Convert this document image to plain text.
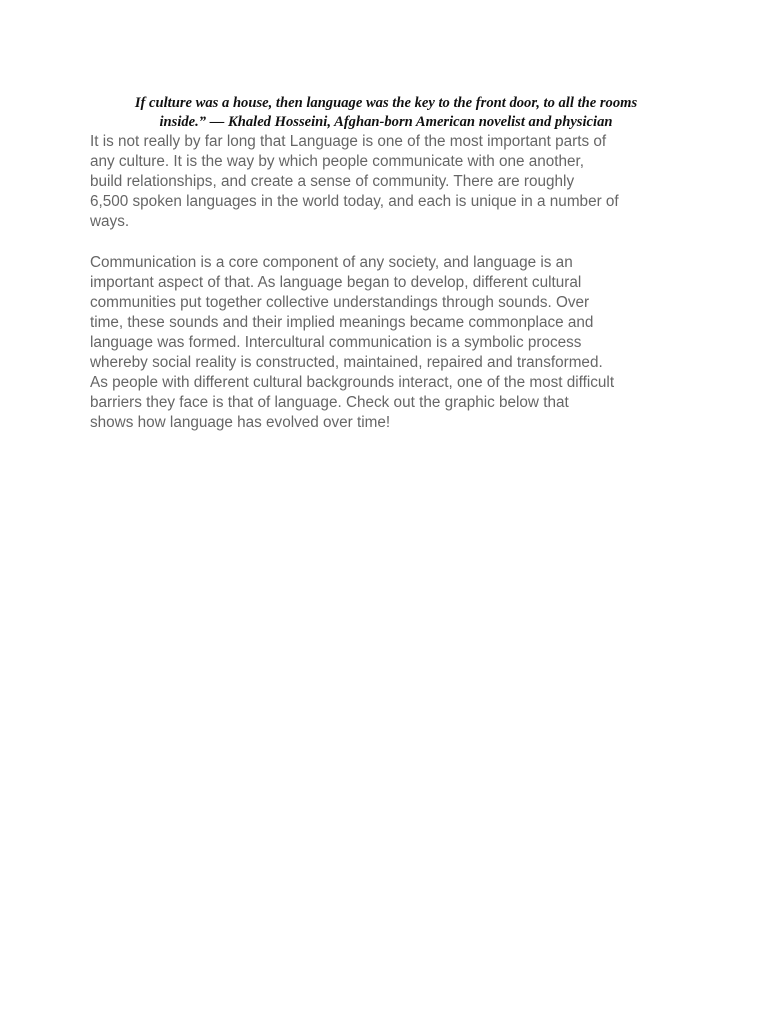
If culture was a house, then language was the key to the front door, to all the rooms
inside.” — Khaled Hosseini, Afghan-born American novelist and physician

It is not really by far long that Language is one of the most important parts of
any culture. It is the way by which people communicate with one another,
build relationships, and create a sense of community. There are roughly
6,500 spoken languages in the world today, and each is unique in a number of
ways.

Communication is a core component of any society, and language is an
important aspect of that. As language began to develop, different cultural
communities put together collective understandings through sounds. Over
time, these sounds and their implied meanings became commonplace and
language was formed. Intercultural communication is a symbolic process
whereby social reality is constructed, maintained, repaired and transformed.
As people with different cultural backgrounds interact, one of the most difficult
barriers they face is that of language. Check out the graphic below that
shows how language has evolved over time!
